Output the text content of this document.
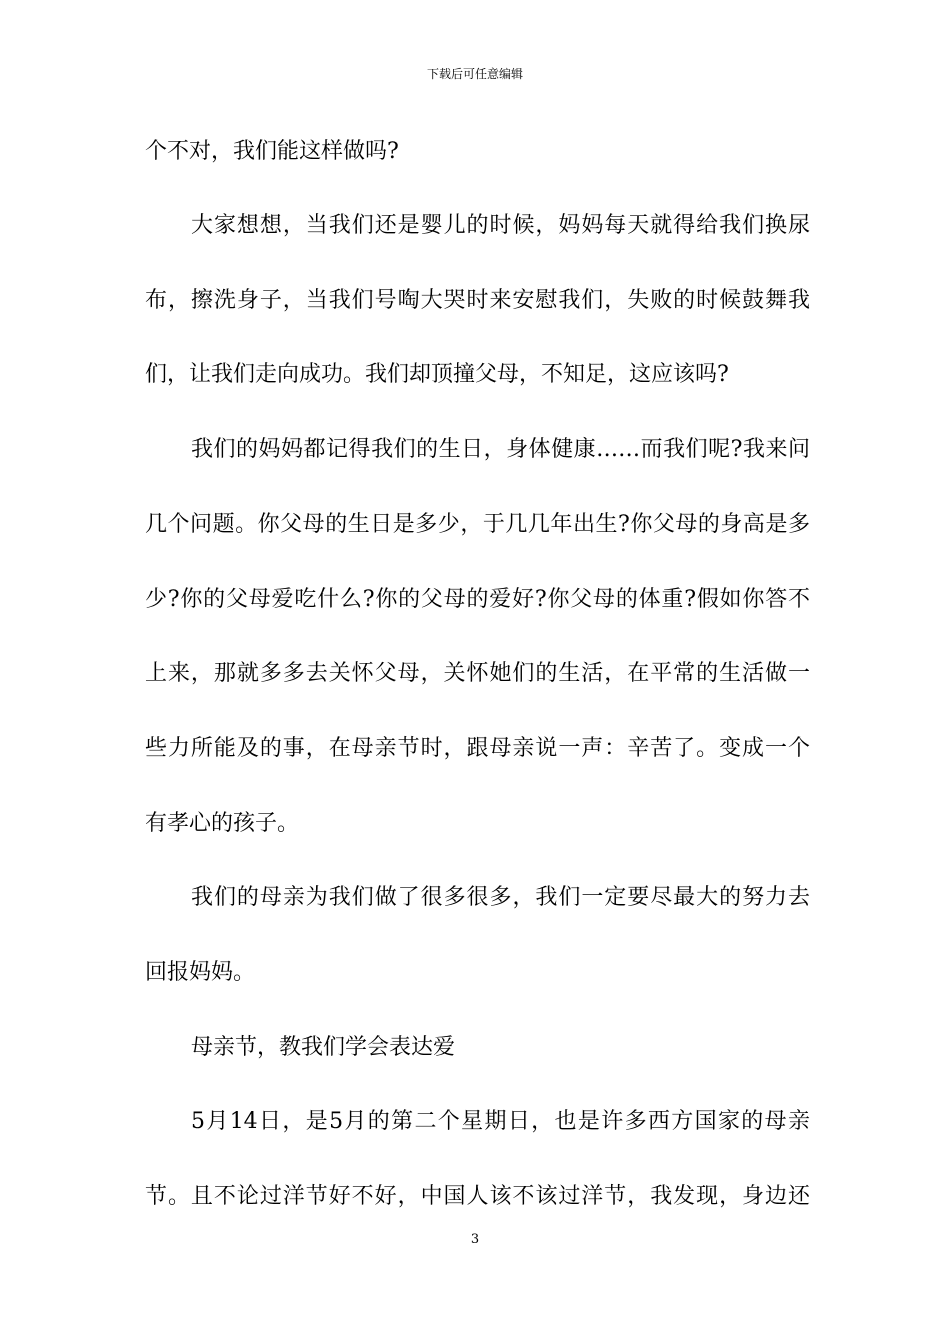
下载后可任意编辑
个不对，我们能这样做吗?
大家想想，当我们还是婴儿的时候，妈妈每天就得给我们换尿
布，擦洗身子，当我们号啕大哭时来安慰我们，失败的时候鼓舞我
们，让我们走向成功。我们却顶撞父母，不知足，这应该吗?
我们的妈妈都记得我们的生日，身体健康……而我们呢?我来问
几个问题。你父母的生日是多少，于几几年出生?你父母的身高是多
少?你的父母爱吃什么?你的父母的爱好?你父母的体重?假如你答不
上来，那就多多去关怀父母，关怀她们的生活，在平常的生活做一
些力所能及的事，在母亲节时，跟母亲说一声：辛苦了。变成一个
有孝心的孩子。
我们的母亲为我们做了很多很多，我们一定要尽最大的努力去
回报妈妈。
母亲节，教我们学会表达爱
5月14日，是5月的第二个星期日，也是许多西方国家的母亲
节。且不论过洋节好不好，中国人该不该过洋节，我发现，身边还
3
